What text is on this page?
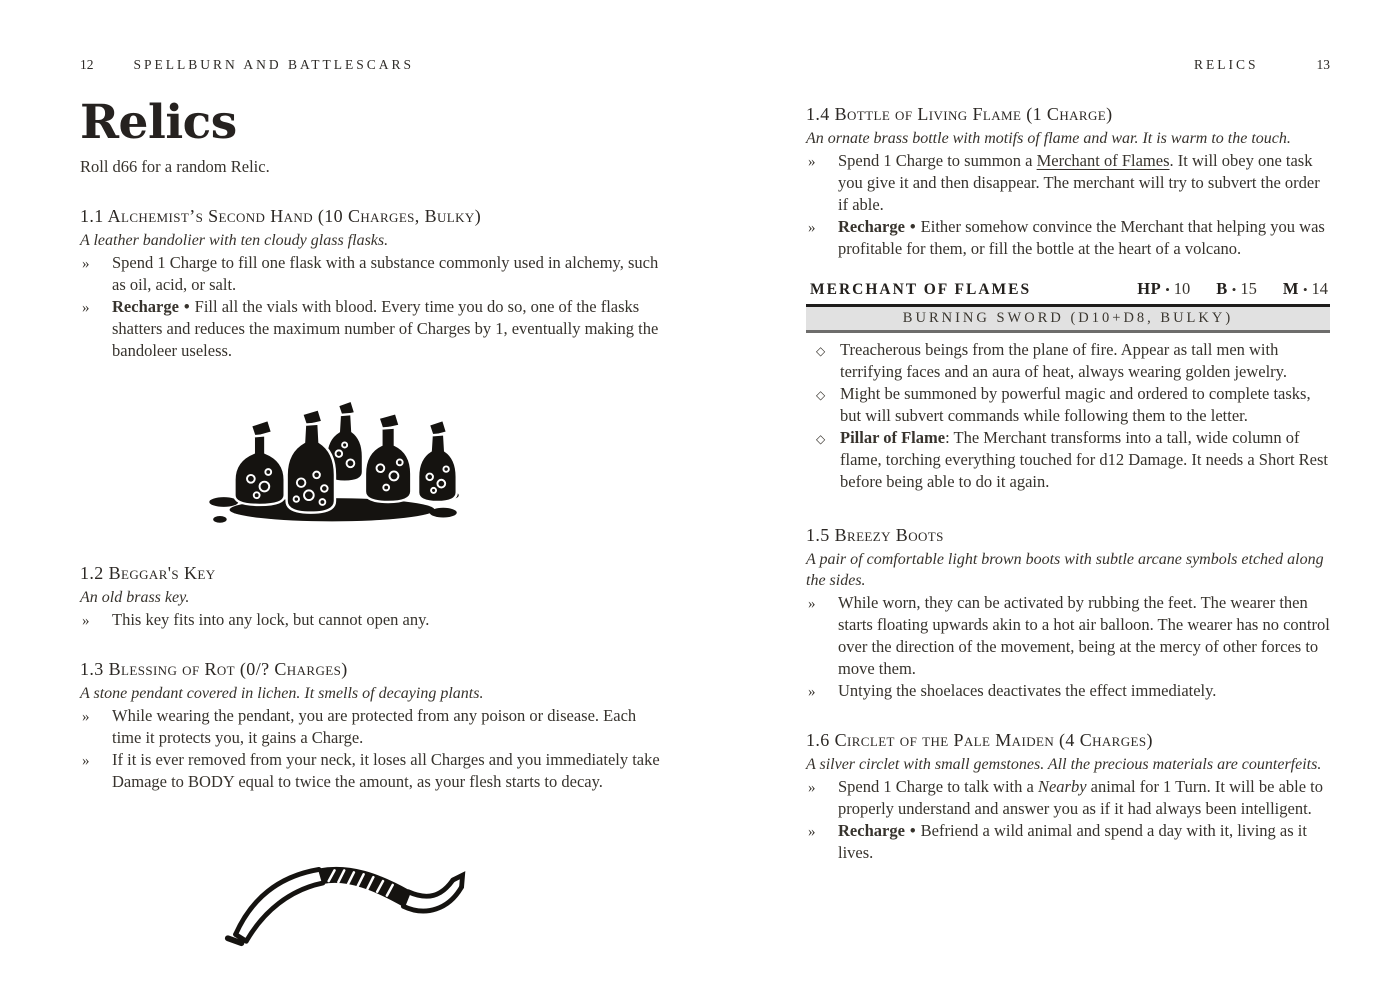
12	SPELLBURN AND BATTLESCARS
Relics

Roll d66 for a random Relic.

1.1 Alchemist’s Second Hand (10 Charges, Bulky)

A leather bandolier with ten cloudy glass flasks.

» Spend 1 Charge to fill one flask with a substance commonly used in alchemy, such as oil, acid, or salt.
» Recharge • Fill all the vials with blood. Every time you do so, one of the flasks shatters and reduces the maximum number of Charges by 1, eventually making the bandoleer useless.
1.2 Beggar's Key

An old brass key.

» This key fits into any lock, but cannot open any.
1.3 Blessing of Rot (0/? Charges)

A stone pendant covered in lichen. It smells of decaying plants.

» While wearing the pendant, you are protected from any poison or disease. Each time it protects you, it gains a Charge.
» If it is ever removed from your neck, it loses all Charges and you immediately take Damage to BODY equal to twice the amount, as your flesh starts to decay.
RELICS	13
1.4 Bottle of Living Flame (1 Charge)

An ornate brass bottle with motifs of flame and war. It is warm to the touch.

» Spend 1 Charge to summon a Merchant of Flames. It will obey one task you give it and then disappear. The merchant will try to subvert the order if able.
» Recharge • Either somehow convince the Merchant that helping you was profitable for them, or fill the bottle at the heart of a volcano.
MERCHANT OF FLAMES	HP • 10 B • 15 M • 14
BURNING SWORD (D10+D8, BULKY)
◇ Treacherous beings from the plane of fire. Appear as tall men with terrifying faces and an aura of heat, always wearing golden jewelry.
◇ Might be summoned by powerful magic and ordered to complete tasks, but will subvert commands while following them to the letter.
◇ Pillar of Flame: The Merchant transforms into a tall, wide column of flame, torching everything touched for d12 Damage. It needs a Short Rest before being able to do it again.
1.5 Breezy Boots

A pair of comfortable light brown boots with subtle arcane symbols etched along the sides.

» While worn, they can be activated by rubbing the feet. The wearer then starts floating upwards akin to a hot air balloon. The wearer has no control over the direction of the movement, being at the mercy of other forces to move them.
» Untying the shoelaces deactivates the effect immediately.
1.6 Circlet of the Pale Maiden (4 Charges)

A silver circlet with small gemstones. All the precious materials are counterfeits.

» Spend 1 Charge to talk with a Nearby animal for 1 Turn. It will be able to properly understand and answer you as if it had always been intelligent.
» Recharge • Befriend a wild animal and spend a day with it, living as it lives.
